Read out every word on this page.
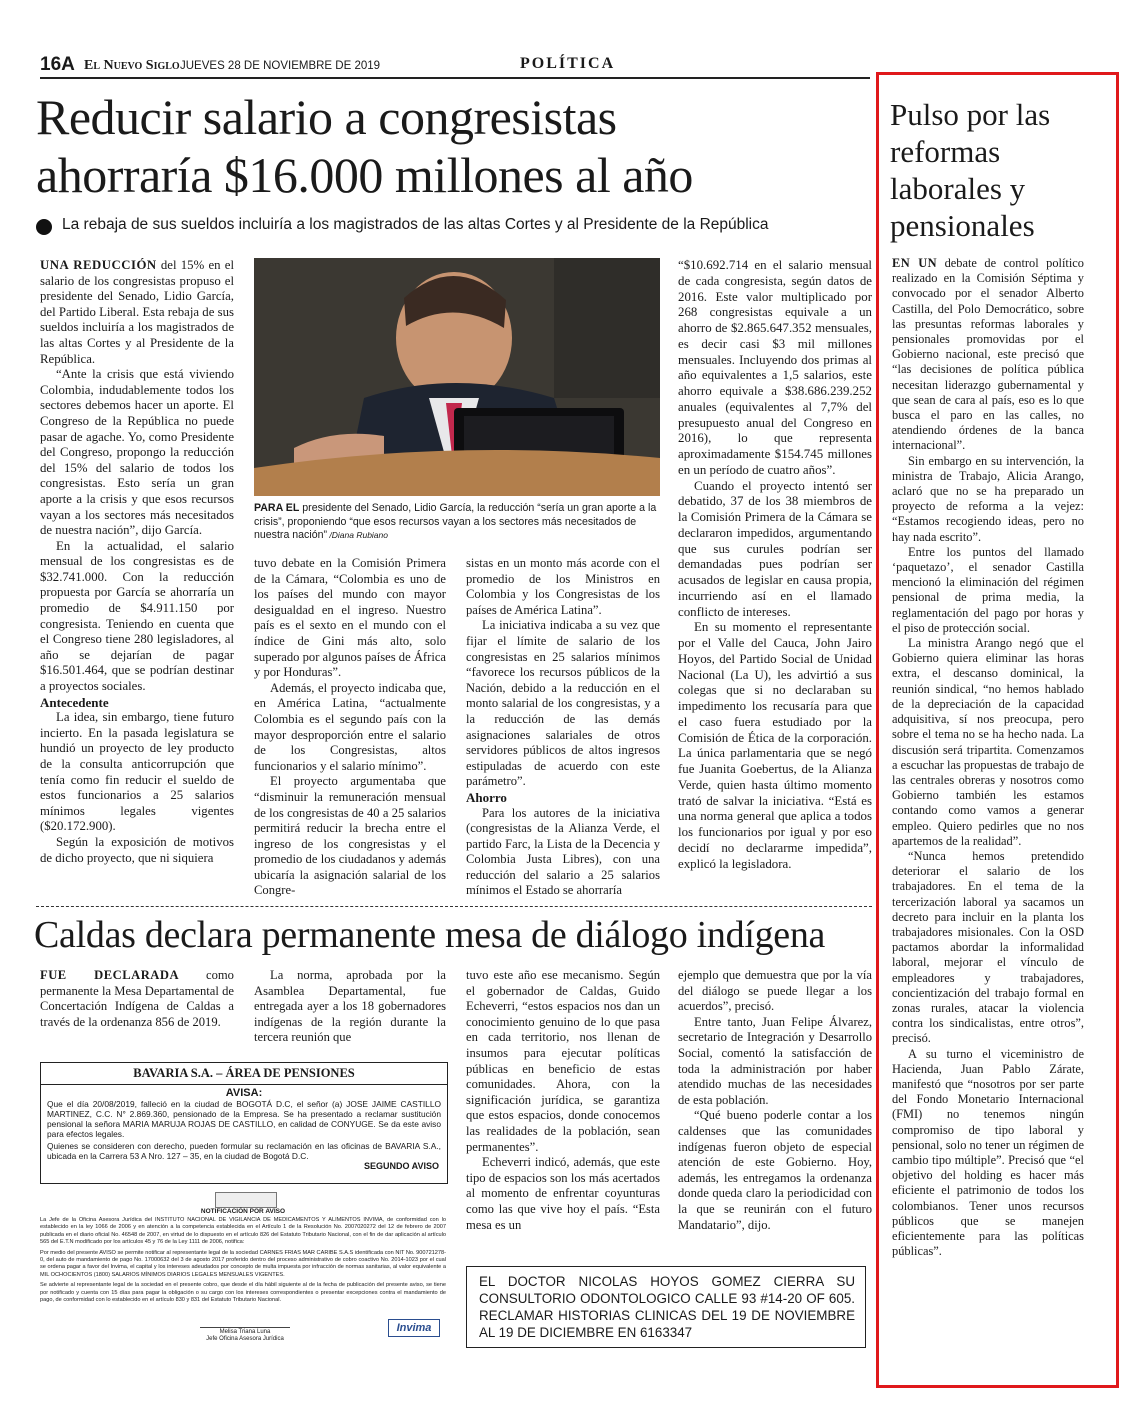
16A El Nuevo Siglo JUEVES 28 DE NOVIEMBRE DE 2019	POLÍTICA
Reducir salario a congresistas
ahorraría $16.000 millones al año
La rebaja de sus sueldos incluiría a los magistrados de las altas Cortes y al Presidente de la República

UNA REDUCCIÓN del 15% en el salario de los congresistas propuso el presidente del Senado, Lidio García, del Partido Liberal. Esta rebaja de sus sueldos incluiría a los magistrados de las altas Cortes y al Presidente de la República.

“Ante la crisis que está viviendo Colombia, indudablemente todos los sectores debemos hacer un aporte. El Congreso de la República no puede pasar de agache. Yo, como Presidente del Congreso, propongo la reducción del 15% del salario de todos los congresistas. Esto sería un gran aporte a la crisis y que esos recursos vayan a los sectores más necesitados de nuestra nación”, dijo García.

En la actualidad, el salario mensual de los congresistas es de $32.741.000. Con la reducción propuesta por García se ahorraría un promedio de $4.911.150 por congresista. Teniendo en cuenta que el Congreso tiene 280 legisladores, al año se dejarían de pagar $16.501.464, que se podrían destinar a proyectos sociales.

Antecedente

La idea, sin embargo, tiene futuro incierto. En la pasada legislatura se hundió un proyecto de ley producto de la consulta anticorrupción que tenía como fin reducir el sueldo de estos funcionarios a 25 salarios mínimos legales vigentes ($20.172.900).

Según la exposición de motivos de dicho proyecto, que ni siquiera

PARA EL presidente del Senado, Lidio García, la reducción “sería un gran aporte a la crisis”, proponiendo “que esos recursos vayan a los sectores más necesitados de nuestra nación” /Diana Rubiano

tuvo debate en la Comisión Primera de la Cámara, “Colombia es uno de los países del mundo con mayor desigualdad en el ingreso. Nuestro país es el sexto en el mundo con el índice de Gini más alto, solo superado por algunos países de África y por Honduras”.

Además, el proyecto indicaba que, en América Latina, “actualmente Colombia es el segundo país con la mayor desproporción entre el salario de los Congresistas, altos funcionarios y el salario mínimo”.

El proyecto argumentaba que “disminuir la remuneración mensual de los congresistas de 40 a 25 salarios permitirá reducir la brecha entre el ingreso de los congresistas y el promedio de los ciudadanos y además ubicaría la asignación salarial de los Congre-

sistas en un monto más acorde con el promedio de los Ministros en Colombia y los Congresistas de los países de América Latina”.

La iniciativa indicaba a su vez que fijar el límite de salario de los congresistas en 25 salarios mínimos “favorece los recursos públicos de la Nación, debido a la reducción en el monto salarial de los congresistas, y a la reducción de las demás asignaciones salariales de otros servidores públicos de altos ingresos estipuladas de acuerdo con este parámetro”.

Ahorro

Para los autores de la iniciativa (congresistas de la Alianza Verde, el partido Farc, la Lista de la Decencia y Colombia Justa Libres), con una reducción del salario a 25 salarios mínimos el Estado se ahorraría

“$10.692.714 en el salario mensual de cada congresista, según datos de 2016. Este valor multiplicado por 268 congresistas equivale a un ahorro de $2.865.647.352 mensuales, es decir casi $3 mil millones mensuales. Incluyendo dos primas al año equivalentes a 1,5 salarios, este ahorro equivale a $38.686.239.252 anuales (equivalentes al 7,7% del presupuesto anual del Congreso en 2016), lo que representa aproximadamente $154.745 millones en un período de cuatro años”.

Cuando el proyecto intentó ser debatido, 37 de los 38 miembros de la Comisión Primera de la Cámara se declararon impedidos, argumentando que sus curules podrían ser demandadas pues podrían ser acusados de legislar en causa propia, incurriendo así en el llamado conflicto de intereses.

En su momento el representante por el Valle del Cauca, John Jairo Hoyos, del Partido Social de Unidad Nacional (La U), les advirtió a sus colegas que si no declaraban su impedimento los recusaría para que el caso fuera estudiado por la Comisión de Ética de la corporación. La única parlamentaria que se negó fue Juanita Goebertus, de la Alianza Verde, quien hasta último momento trató de salvar la iniciativa. “Está es una norma general que aplica a todos los funcionarios por igual y por eso decidí no declararme impedida”, explicó la legisladora.

Caldas declara permanente mesa de diálogo indígena

FUE DECLARADA como permanente la Mesa Departamental de Concertación Indígena de Caldas a través de la ordenanza 856 de 2019.

La norma, aprobada por la Asamblea Departamental, fue entregada ayer a los 18 gobernadores indígenas de la región durante la tercera reunión que

tuvo este año ese mecanismo. Según el gobernador de Caldas, Guido Echeverri, “estos espacios nos dan un conocimiento genuino de lo que pasa en cada territorio, nos llenan de insumos para ejecutar políticas públicas en beneficio de estas comunidades. Ahora, con la significación jurídica, se garantiza que estos espacios, donde conocemos las realidades de la población, sean permanentes”.

Echeverri indicó, además, que este tipo de espacios son los más acertados al momento de enfrentar coyunturas como las que vive hoy el país. “Esta mesa es un

ejemplo que demuestra que por la vía del diálogo se puede llegar a los acuerdos”, precisó.

Entre tanto, Juan Felipe Álvarez, secretario de Integración y Desarrollo Social, comentó la satisfacción de toda la administración por haber atendido muchas de las necesidades de esta población.

“Qué bueno poderle contar a los caldenses que las comunidades indígenas fueron objeto de especial atención de este Gobierno. Hoy, además, les entregamos la ordenanza donde queda claro la periodicidad con la que se reunirán con el futuro Mandatario”, dijo.

BAVARIA S.A. – ÁREA DE PENSIONES
AVISA:
Que el día 20/08/2019, falleció en la ciudad de BOGOTÁ D.C, el señor (a) JOSE JAIME CASTILLO MARTINEZ, C.C. N° 2.869.360, pensionado de la Empresa. Se ha presentado a reclamar sustitución pensional la señora MARIA MARUJA ROJAS DE CASTILLO, en calidad de CONYUGE. Se da este aviso para efectos legales.
Quienes se consideren con derecho, pueden formular su reclamación en las oficinas de BAVARIA S.A., ubicada en la Carrera 53 A Nro. 127 – 35, en la ciudad de Bogotá D.C.
SEGUNDO AVISO
NOTIFICACIÓN POR AVISO
La Jefe de la Oficina Asesora Jurídica del INSTITUTO NACIONAL DE VIGILANCIA DE MEDICAMENTOS Y ALIMENTOS INVIMA, de conformidad con lo establecido en la ley 1066 de 2006 y en atención a la competencia establecida en el Artículo 1 de la Resolución No. 2007020272 del 12 de febrero de 2007 publicada en el diario oficial No. 46548 de 2007, en virtud de lo dispuesto en el artículo 826 del Estatuto Tributario Nacional, con el fin de dar aplicación al artículo 565 del E.T.N modificado por los artículos 45 y 76 de la Ley 1111 de 2006, notifica:
Por medio del presente AVISO se permite notificar al representante legal de la sociedad CARNES FRIAS MAR CARIBE S.A.S identificada con NIT No. 900721278-0, del auto de mandamiento de pago No. 17000632 del 3 de agosto 2017 proferido dentro del proceso administrativo de cobro coactivo No. 2014-1023 por el cual se ordena pagar a favor del Invima, el capital y los intereses adeudados por concepto de multa impuesta por infracción de normas sanitarias, al valor equivalente a MIL OCHOCIENTOS (1800) SALARIOS MÍNIMOS DIARIOS LEGALES MENSUALES VIGENTES.
Se advierte al representante legal de la sociedad en el presente cobro, que desde el día hábil siguiente al de la fecha de publicación del presente aviso, se tiene por notificado y cuenta con 15 días para pagar la obligación o su cargo con los intereses correspondientes o presentar excepciones contra el mandamiento de pago, de conformidad con lo establecido en el artículo 830 y 831 del Estatuto Tributario Nacional.
Melisa Triana Luna
Jefe Oficina Asesora Jurídica
Invima
EL DOCTOR NICOLAS HOYOS GOMEZ CIERRA SU CONSULTORIO ODONTOLOGICO CALLE 93 #14-20 OF 605. RECLAMAR HISTORIAS CLINICAS DEL 19 DE NOVIEMBRE AL 19 DE DICIEMBRE EN 6163347
Pulso por las reformas laborales y pensionales

EN UN debate de control político realizado en la Comisión Séptima y convocado por el senador Alberto Castilla, del Polo Democrático, sobre las presuntas reformas laborales y pensionales promovidas por el Gobierno nacional, este precisó que “las decisiones de política pública necesitan liderazgo gubernamental y que sean de cara al país, eso es lo que busca el paro en las calles, no atendiendo órdenes de la banca internacional”.

Sin embargo en su intervención, la ministra de Trabajo, Alicia Arango, aclaró que no se ha preparado un proyecto de reforma a la vejez: “Estamos recogiendo ideas, pero no hay nada escrito”.

Entre los puntos del llamado ‘paquetazo’, el senador Castilla mencionó la eliminación del régimen pensional de prima media, la reglamentación del pago por horas y el piso de protección social.

La ministra Arango negó que el Gobierno quiera eliminar las horas extra, el descanso dominical, la reunión sindical, “no hemos hablado de la depreciación de la capacidad adquisitiva, sí nos preocupa, pero sobre el tema no se ha hecho nada. La discusión será tripartita. Comenzamos a escuchar las propuestas de trabajo de las centrales obreras y nosotros como Gobierno también les estamos contando como vamos a generar empleo. Quiero pedirles que no nos apartemos de la realidad”.

“Nunca hemos pretendido deteriorar el salario de los trabajadores. En el tema de la tercerización laboral ya sacamos un decreto para incluir en la planta los trabajadores misionales. Con la OSD pactamos abordar la informalidad laboral, mejorar el vínculo de empleadores y trabajadores, concientización del trabajo formal en zonas rurales, atacar la violencia contra los sindicalistas, entre otros”, precisó.

A su turno el viceministro de Hacienda, Juan Pablo Zárate, manifestó que “nosotros por ser parte del Fondo Monetario Internacional (FMI) no tenemos ningún compromiso de tipo laboral y pensional, solo no tener un régimen de cambio tipo múltiple”. Precisó que “el objetivo del holding es hacer más eficiente el patrimonio de todos los colombianos. Tener unos recursos públicos que se manejen eficientemente para las políticas públicas”.
